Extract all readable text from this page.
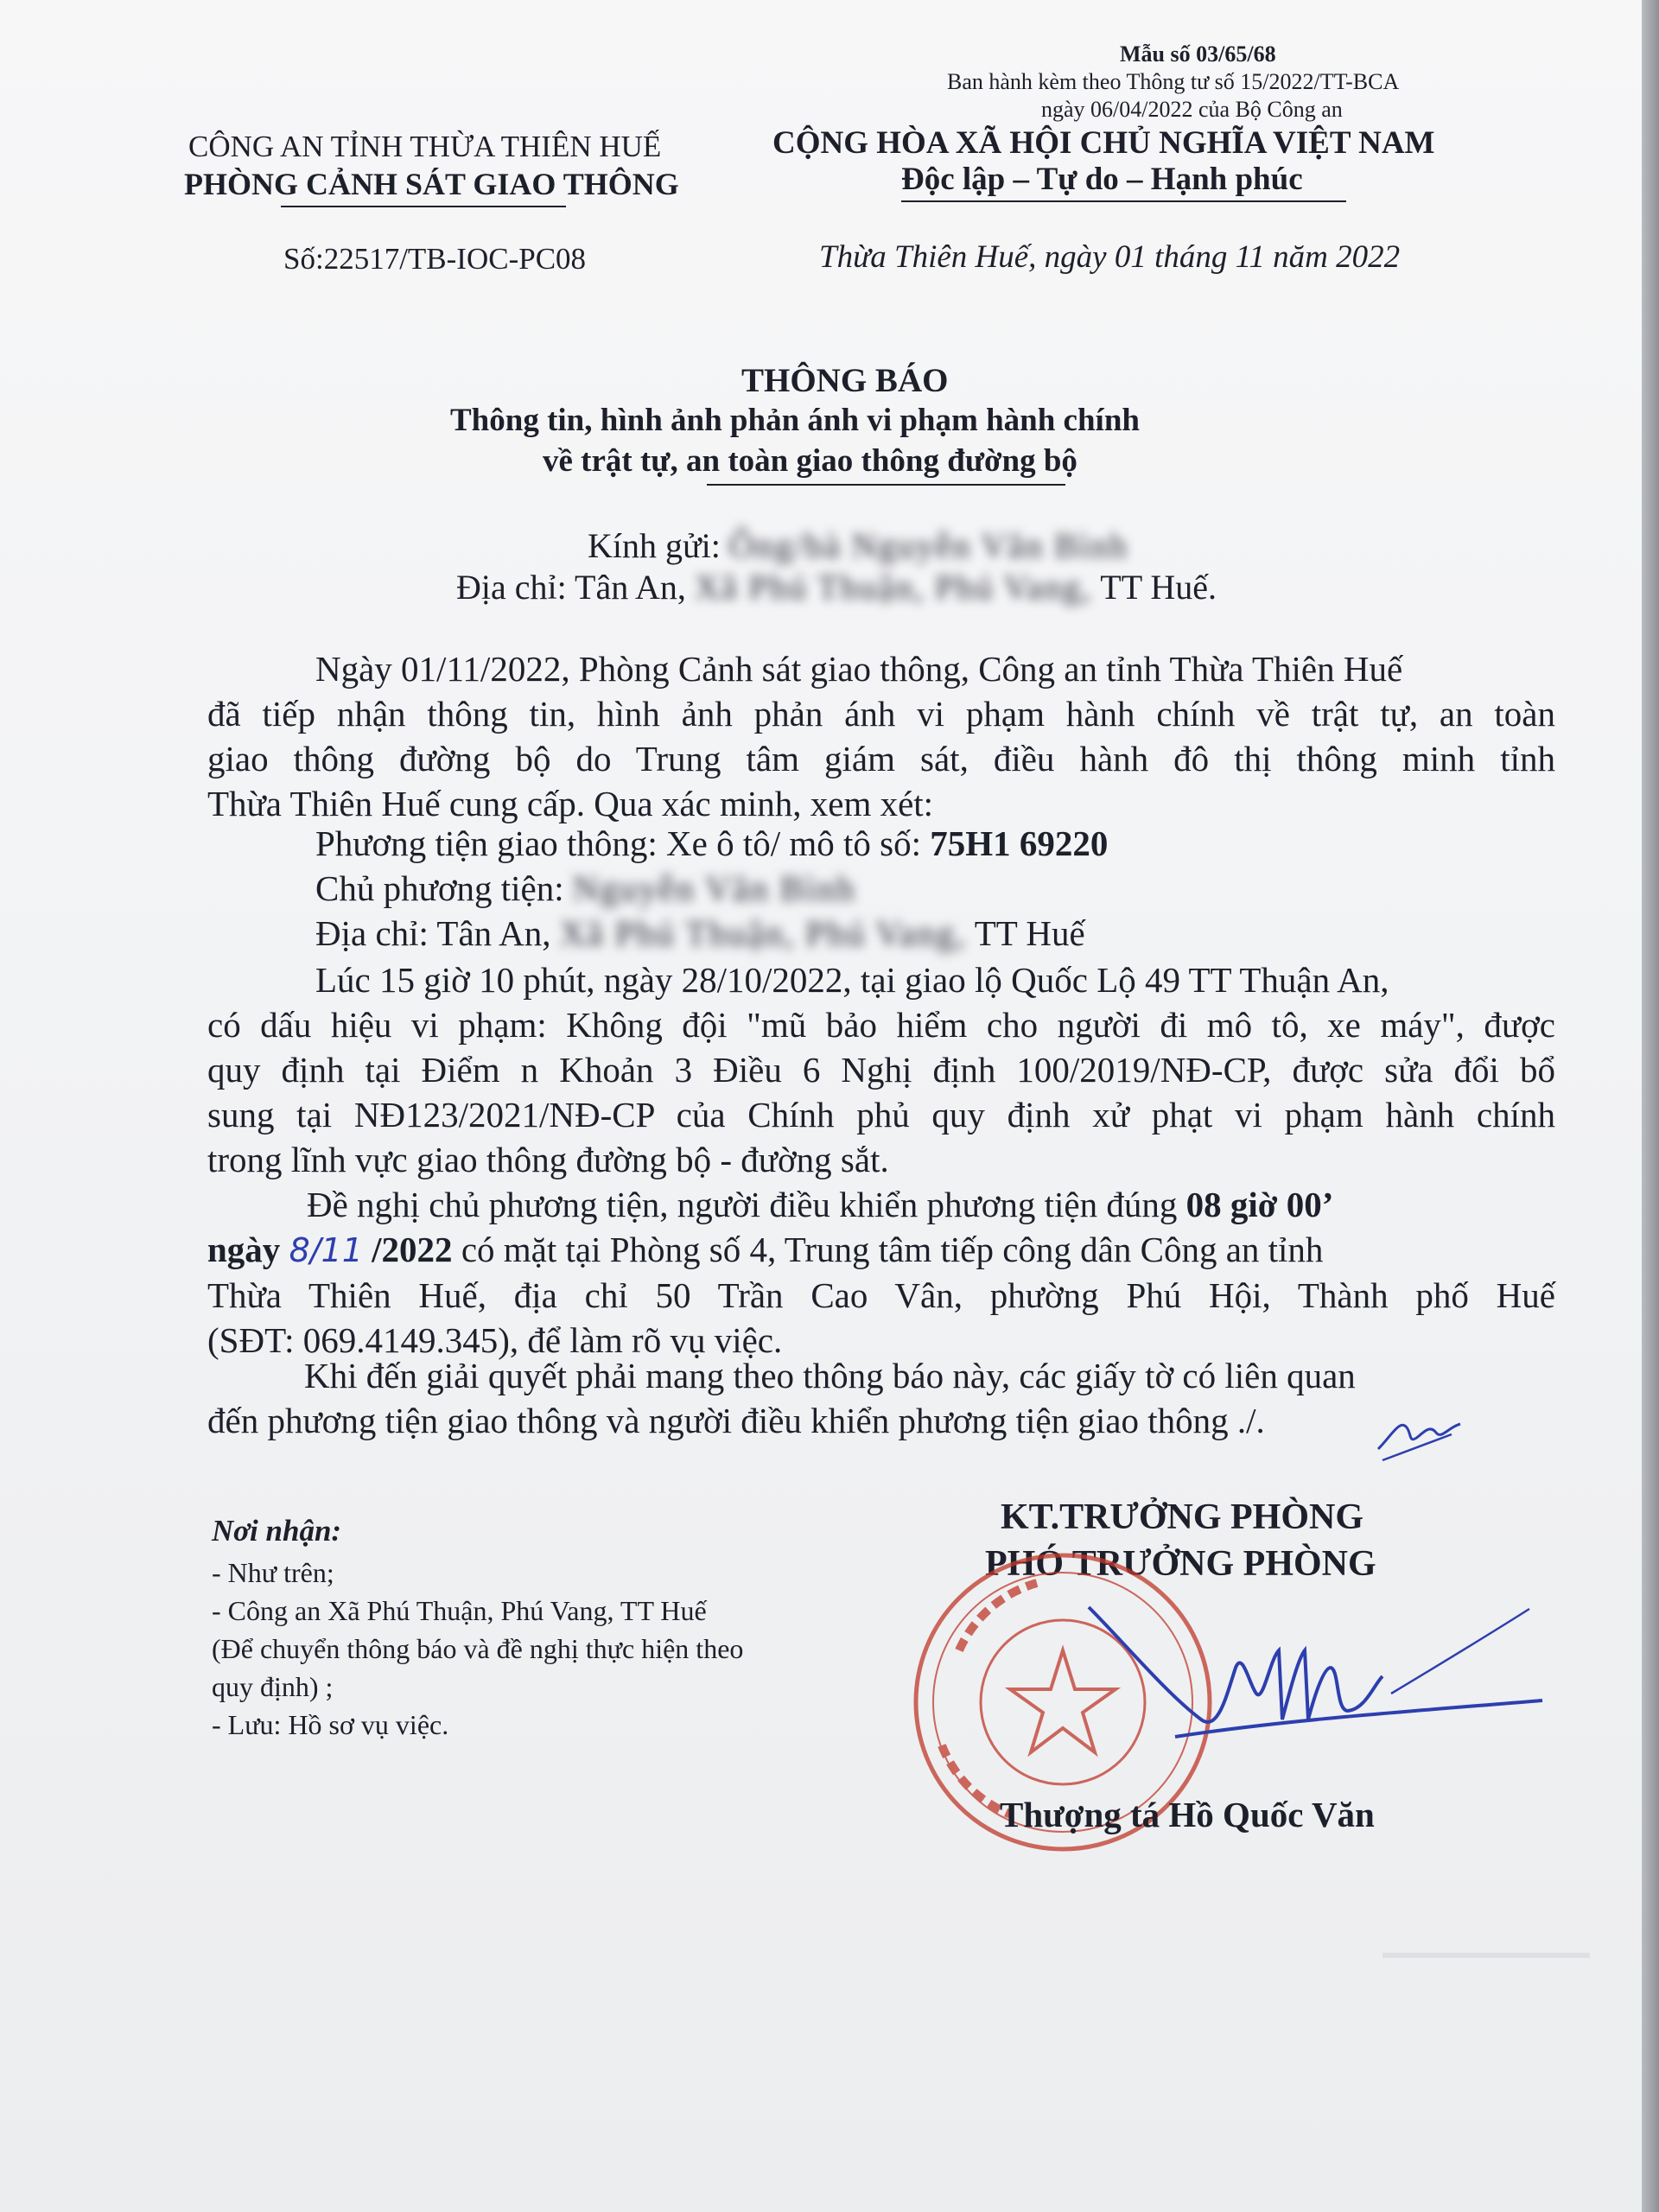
Mẫu số 03/65/68
Ban hành kèm theo Thông tư số 15/2022/TT-BCA
ngày 06/04/2022 của Bộ Công an
CÔNG AN TỈNH THỪA THIÊN HUẾ
PHÒNG CẢNH SÁT GIAO THÔNG
Số:22517/TB-IOC-PC08
CỘNG HÒA XÃ HỘI CHỦ NGHĨA VIỆT NAM
Độc lập – Tự do – Hạnh phúc
Thừa Thiên Huế, ngày 01 tháng 11 năm 2022
THÔNG BÁO
Thông tin, hình ảnh phản ánh vi phạm hành chính
về trật tự, an toàn giao thông đường bộ
Kính gửi: Ông/bà Nguyễn Văn Bình
Địa chỉ: Tân An, Xã Phú Thuận, Phú Vang, TT Huế.
Ngày 01/11/2022, Phòng Cảnh sát giao thông, Công an tỉnh Thừa Thiên Huế
đã tiếp nhận thông tin, hình ảnh phản ánh vi phạm hành chính về trật tự, an toàn
giao thông đường bộ do Trung tâm giám sát, điều hành đô thị thông minh tỉnh
Thừa Thiên Huế cung cấp. Qua xác minh, xem xét:
Phương tiện giao thông: Xe ô tô/ mô tô số: 75H1 69220
Chủ phương tiện: Nguyễn Văn Bình
Địa chỉ: Tân An, Xã Phú Thuận, Phú Vang, TT Huế
Lúc 15 giờ 10 phút, ngày 28/10/2022, tại giao lộ Quốc Lộ 49 TT Thuận An,
có dấu hiệu vi phạm: Không đội "mũ bảo hiểm cho người đi mô tô, xe máy", được
quy định tại Điểm n Khoản 3 Điều 6 Nghị định 100/2019/NĐ-CP, được sửa đổi bổ
sung tại NĐ123/2021/NĐ-CP của Chính phủ quy định xử phạt vi phạm hành chính
trong lĩnh vực giao thông đường bộ - đường sắt.
Đề nghị chủ phương tiện, người điều khiển phương tiện đúng 08 giờ 00’
ngày 8/11 /2022 có mặt tại Phòng số 4, Trung tâm tiếp công dân Công an tỉnh
Thừa Thiên Huế, địa chỉ 50 Trần Cao Vân, phường Phú Hội, Thành phố Huế
(SĐT: 069.4149.345), để làm rõ vụ việc.
Khi đến giải quyết phải mang theo thông báo này, các giấy tờ có liên quan
đến phương tiện giao thông và người điều khiển phương tiện giao thông ./.
Nơi nhận:
- Như trên;
- Công an Xã Phú Thuận, Phú Vang, TT Huế
(Để chuyển thông báo và đề nghị thực hiện theo
quy định) ;
- Lưu: Hồ sơ vụ việc.
KT.TRƯỞNG PHÒNG
PHÓ TRƯỞNG PHÒNG
Thượng tá Hồ Quốc Văn
